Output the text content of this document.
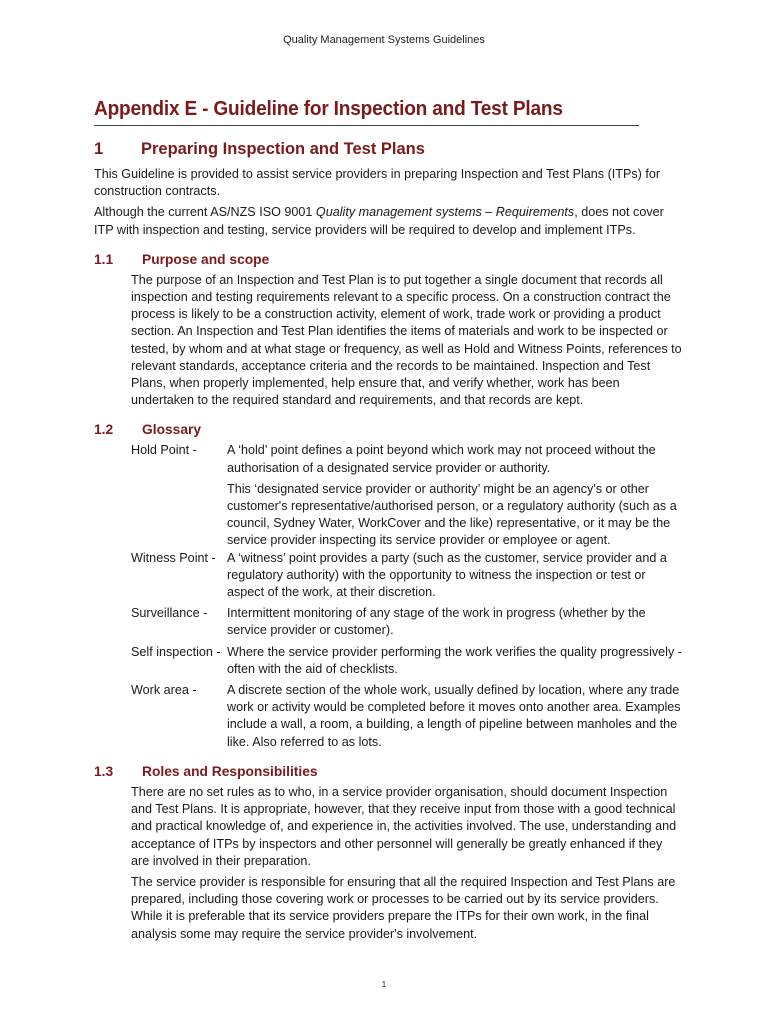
Quality Management Systems Guidelines
Appendix E - Guideline for Inspection and Test Plans
1	Preparing Inspection and Test Plans

This Guideline is provided to assist service providers in preparing Inspection and Test Plans (ITPs) for construction contracts.

Although the current AS/NZS ISO 9001 Quality management systems – Requirements, does not cover ITP with inspection and testing, service providers will be required to develop and implement ITPs.

1.1	Purpose and scope

The purpose of an Inspection and Test Plan is to put together a single document that records all inspection and testing requirements relevant to a specific process. On a construction contract the process is likely to be a construction activity, element of work, trade work or providing a product section. An Inspection and Test Plan identifies the items of materials and work to be inspected or tested, by whom and at what stage or frequency, as well as Hold and Witness Points, references to relevant standards, acceptance criteria and the records to be maintained. Inspection and Test Plans, when properly implemented, help ensure that, and verify whether, work has been undertaken to the required standard and requirements, and that records are kept.

1.2	Glossary
Hold Point -	A ‘hold’ point defines a point beyond which work may not proceed without the authorisation of a designated service provider or authority.

This ‘designated service provider or authority’ might be an agency's or other customer's representative/authorised person, or a regulatory authority (such as a council, Sydney Water, WorkCover and the like) representative, or it may be the service provider inspecting its service provider or employee or agent.

Witness Point - A ‘witness’ point provides a party (such as the customer, service provider and a regulatory authority) with the opportunity to witness the inspection or test or aspect of the work, at their discretion.

Surveillance -	Intermittent monitoring of any stage of the work in progress (whether by the service provider or customer).

Self inspection - Where the service provider performing the work verifies the quality progressively - often with the aid of checklists.

Work area -	A discrete section of the whole work, usually defined by location, where any trade work or activity would be completed before it moves onto another area. Examples include a wall, a room, a building, a length of pipeline between manholes and the like. Also referred to as lots.

1.3	Roles and Responsibilities

There are no set rules as to who, in a service provider organisation, should document Inspection and Test Plans. It is appropriate, however, that they receive input from those with a good technical and practical knowledge of, and experience in, the activities involved. The use, understanding and acceptance of ITPs by inspectors and other personnel will generally be greatly enhanced if they are involved in their preparation.

The service provider is responsible for ensuring that all the required Inspection and Test Plans are prepared, including those covering work or processes to be carried out by its service providers. While it is preferable that its service providers prepare the ITPs for their own work, in the final analysis some may require the service provider's involvement.

1
